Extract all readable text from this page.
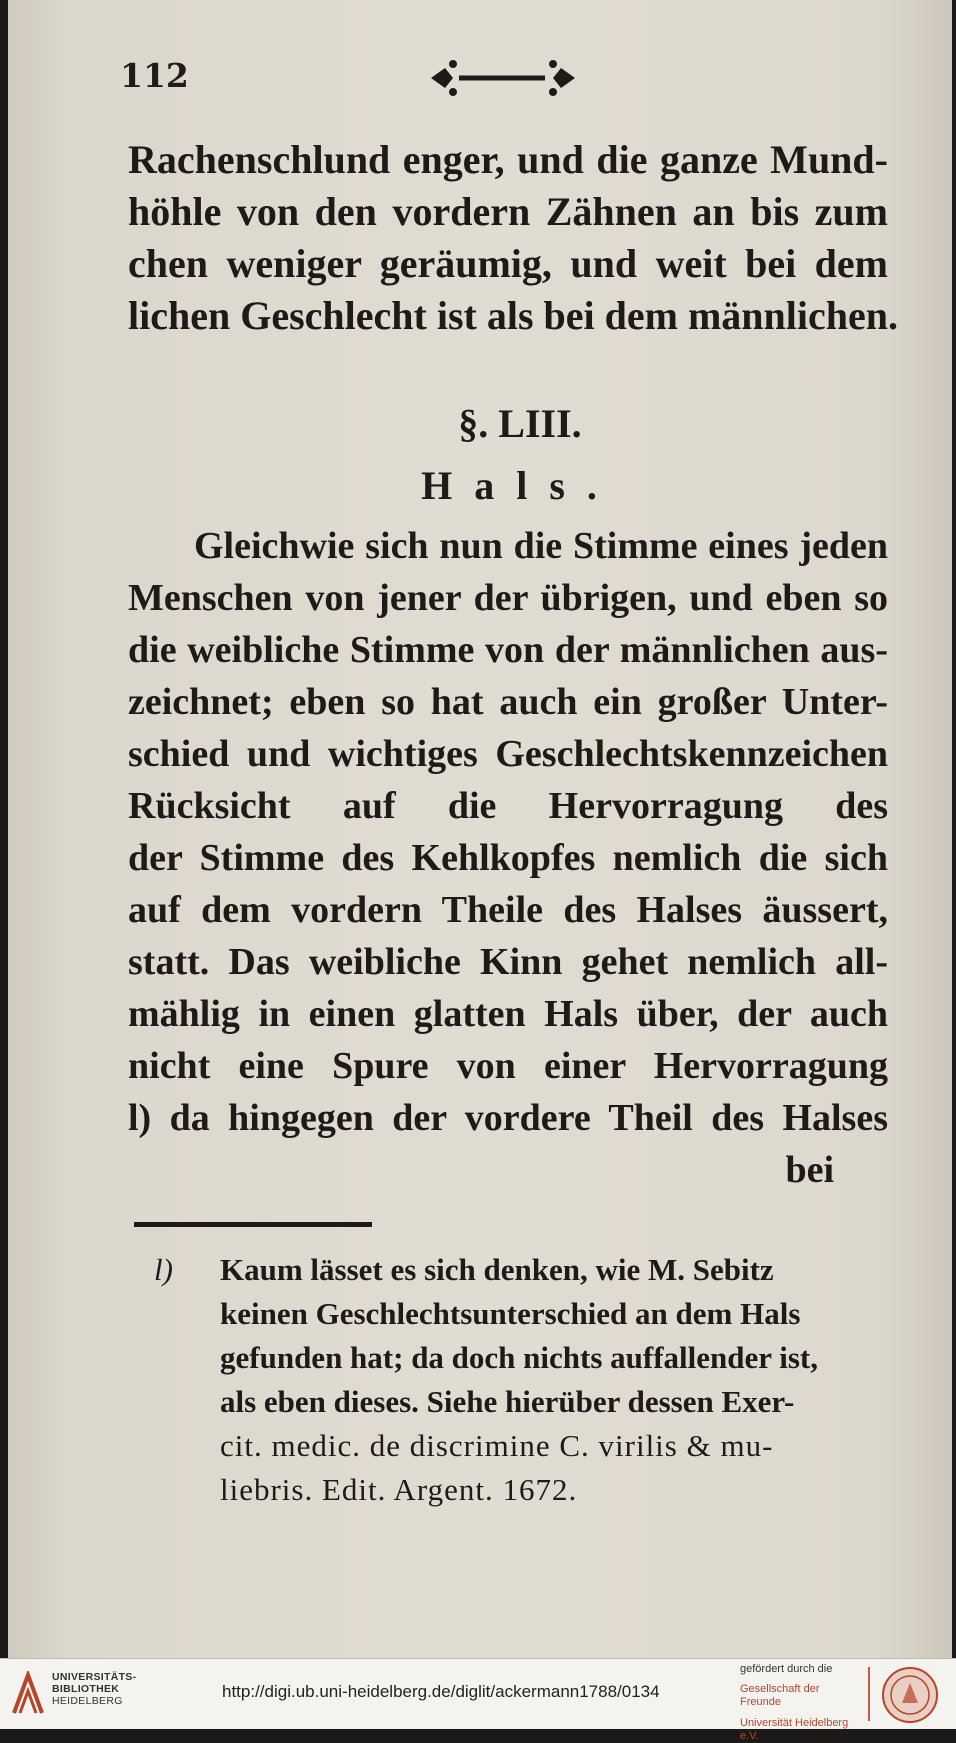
112
Rachenschlund enger, und die ganze Mund-
höhle von den vordern Zähnen an bis zum
chen weniger geräumig, und weit bei dem
lichen Geschlecht ist als bei dem männlichen.
§. LIII.
Hals.
Gleichwie sich nun die Stimme eines jeden
Menschen von jener der übrigen, und eben so
die weibliche Stimme von der männlichen aus-
zeichnet; eben so hat auch ein großer Unter-
schied und wichtiges Geschlechtskennzeichen
Rücksicht auf die Hervorragung des
der Stimme des Kehlkopfes nemlich die sich
auf dem vordern Theile des Halses äussert,
statt. Das weibliche Kinn gehet nemlich all-
mählig in einen glatten Hals über, der auch
nicht eine Spure von einer Hervorragung
l) da hingegen der vordere Theil des Halses
bei
l) Kaum lässet es sich denken, wie M. Sebitz
keinen Geschlechtsunterschied an dem Hals
gefunden hat; da doch nichts auffallender ist,
als eben dieses. Siehe hierüber dessen Exer-
cit. medic. de discrimine C. virilis & mu-
liebris. Edit. Argent. 1672.
UNIVERSITÄTS-
BIBLIOTHEK
HEIDELBERG	http://digi.ub.uni-heidelberg.de/diglit/ackermann1788/0134
gefördert durch die
Gesellschaft der Freunde
Universität Heidelberg e.V.
